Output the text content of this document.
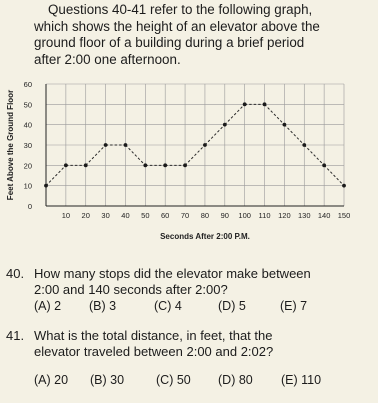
Questions 40-41 refer to the following graph,
which shows the height of an elevator above the
ground floor of a building during a brief period
after 2:00 one afternoon.
10 20 30 40 50 60 70 80 90 100 110 120 130 140 150
0
10
20
30
40
50
60
Seconds After 2:00 P.M.
Feet Above the Ground Floor
40. How many stops did the elevator make between
2:00 and 140 seconds after 2:00?
(A) 2	(B) 3	(C) 4	(D) 5	(E) 7
41. What is the total distance, in feet, that the
elevator traveled between 2:00 and 2:02?
(A) 20	(B) 30	(C) 50	(D) 80	(E) 110
